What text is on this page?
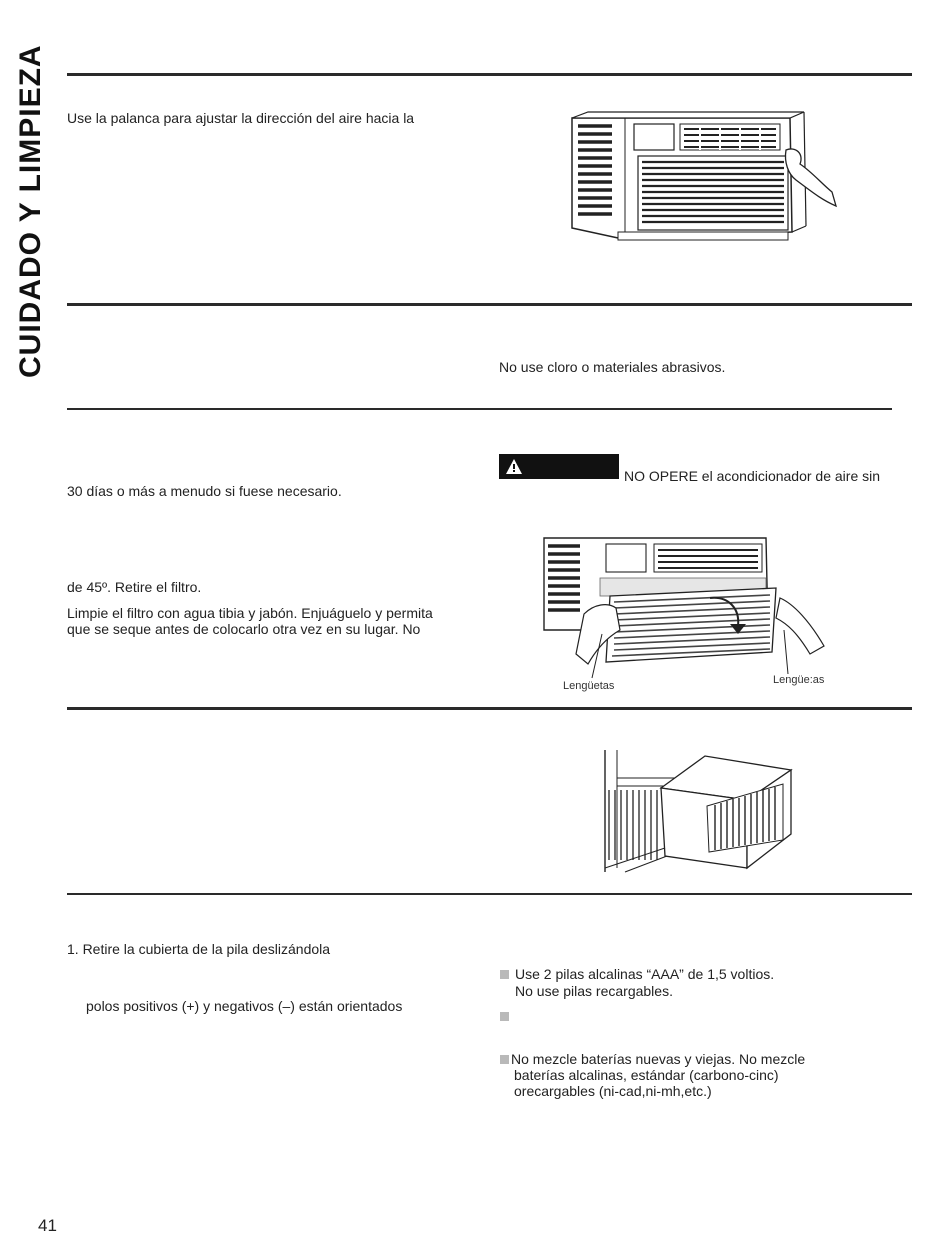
CUIDADO Y LIMPIEZA Use la palanca para ajustar la dirección del aire hacia la
No use cloro o materiales abrasivos.
30 días o más a menudo si fuese necesario.
de 45º. Retire el filtro.
Limpie el filtro con agua tibia y jabón. Enjuáguelo y permita
que se seque antes de colocarlo otra vez en su lugar. No
NO OPERE el acondicionador de aire sin
Lengüetas	Lengüe:as
1. Retire la cubierta de la pila deslizándola
polos positivos (+) y negativos (–) están orientados
Use 2 pilas alcalinas “AAA” de 1,5 voltios.
No use pilas recargables.
No mezcle baterías nuevas y viejas. No mezcle
baterías alcalinas, estándar (carbono-cinc)
orecargables (ni-cad,ni-mh,etc.)
41
